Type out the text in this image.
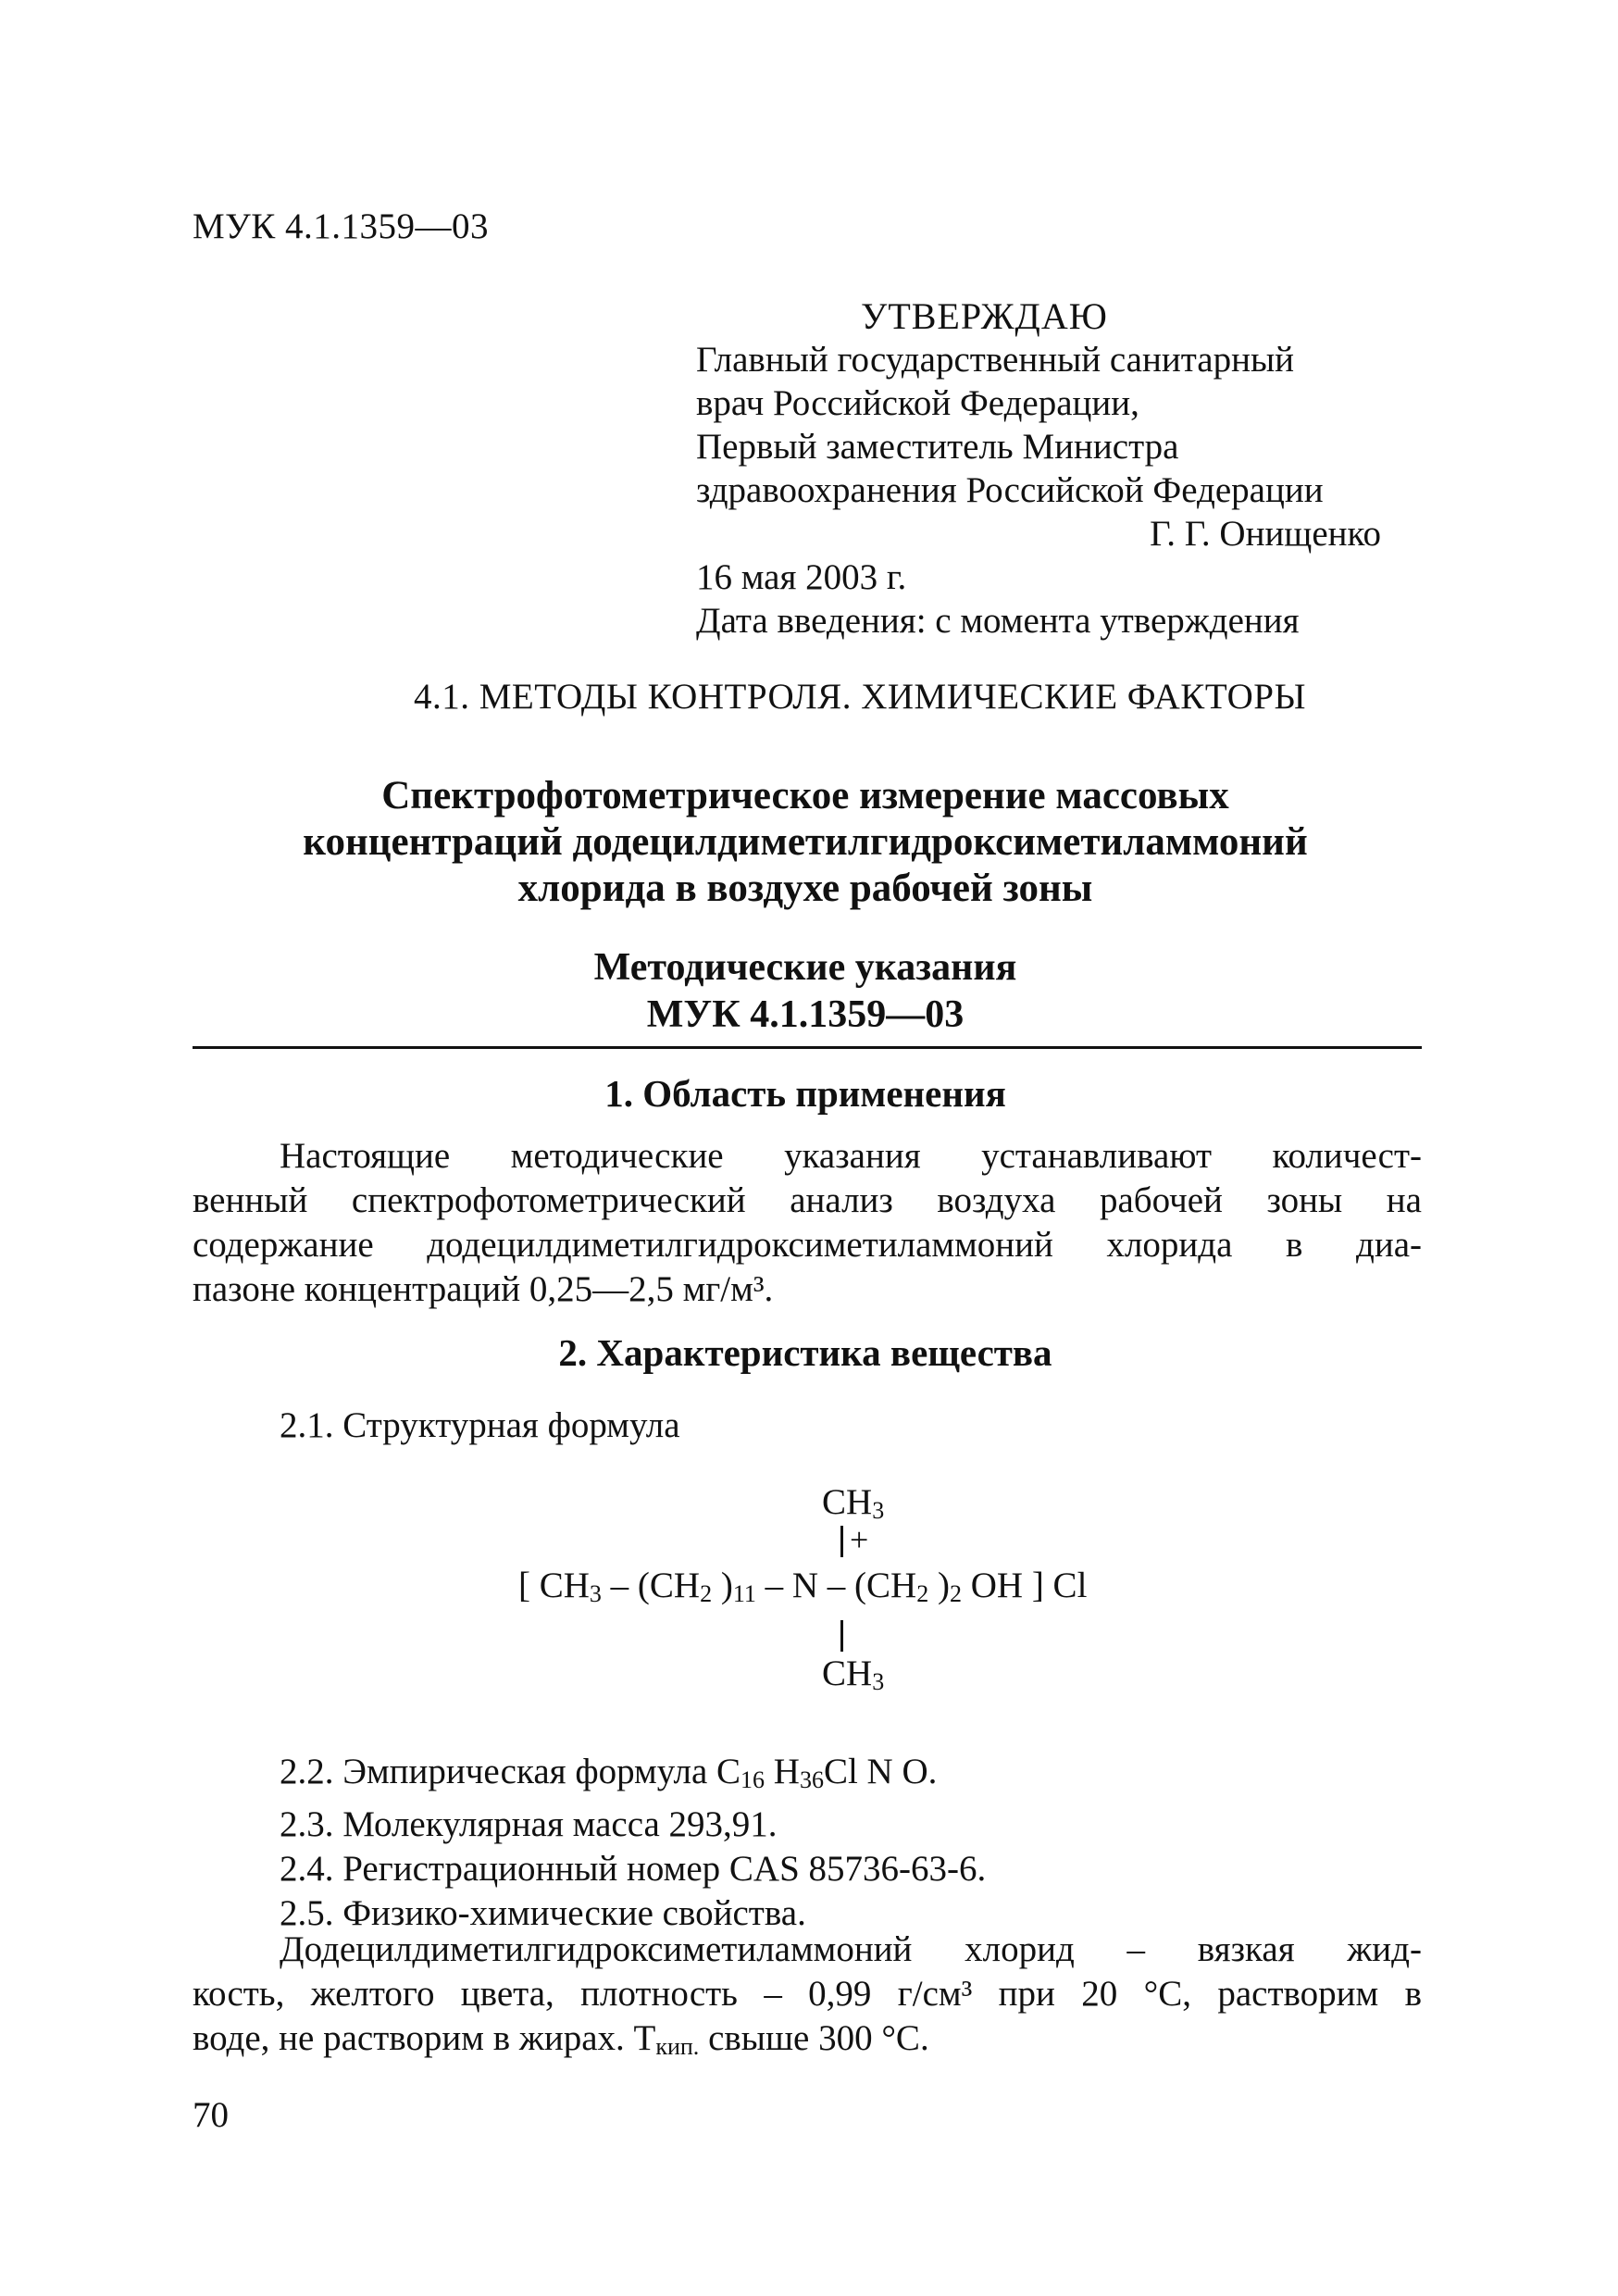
МУК 4.1.1359—03
УТВЕРЖДАЮ
Главный государственный санитарный
врач Российской Федерации,
Первый заместитель Министра
здравоохранения Российской Федерации
Г. Г. Онищенко
16 мая 2003 г.
Дата введения: с момента утверждения
4.1. МЕТОДЫ КОНТРОЛЯ. ХИМИЧЕСКИЕ ФАКТОРЫ
Спектрофотометрическое измерение массовых
концентраций додецилдиметилгидроксиметиламмоний
хлорида в воздухе рабочей зоны
Методические указания
МУК 4.1.1359—03
1. Область применения
Настоящие методические указания устанавливают количест-
венный спектрофотометрический анализ воздуха рабочей зоны на
содержание додецилдиметилгидроксиметиламмоний хлорида в диа-
пазоне концентраций 0,25—2,5 мг/м³.
2. Характеристика вещества
2.1. Структурная формула
$CH_3$
+
[ $CH_3 - (CH_2$ )$_{11}$ – N – ($CH_2$ )$_2$ OH ] Cl
$CH_3$
2.2. Эмпирическая формула $C_{16}$ $H_{36}Cl$ N O.
2.3. Молекулярная масса 293,91.
2.4. Регистрационный номер CAS 85736-63-6.
2.5. Физико-химические свойства.
Додецилдиметилгидроксиметиламмоний хлорид – вязкая жид-
кость, желтого цвета, плотность – 0,99 г/см³ при 20 °С, растворим в
воде, не растворим в жирах. $T_{кип.}$ свыше 300 °С.
70
